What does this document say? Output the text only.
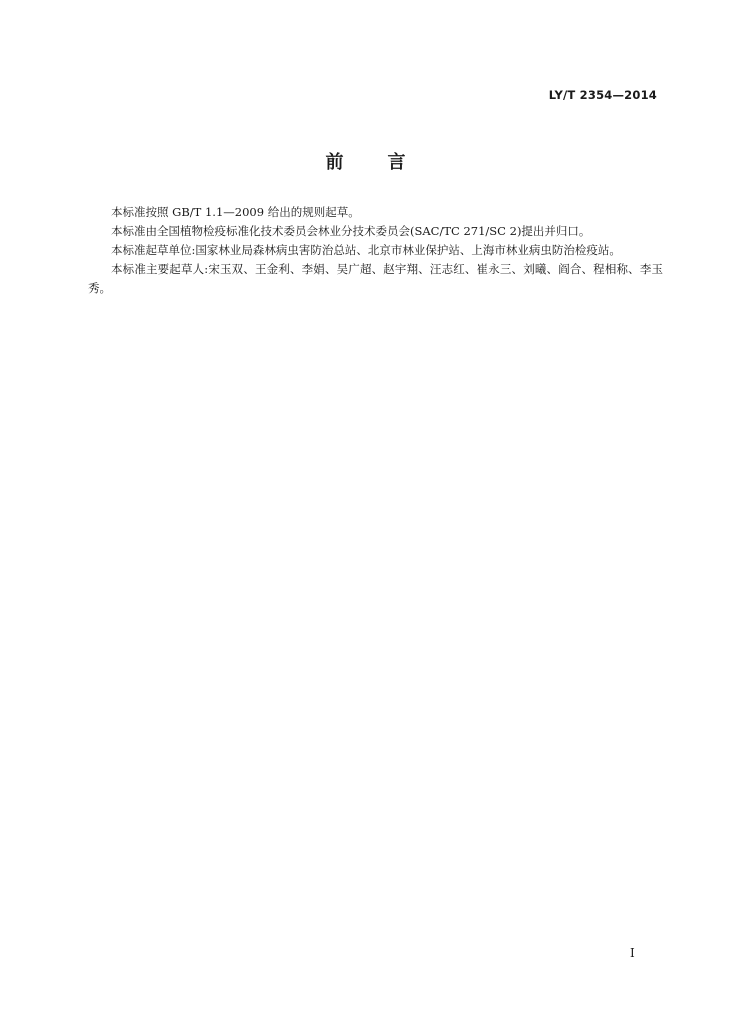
LY/T 2354—2014
前言

本标准按照 GB/T 1.1—2009 给出的规则起草。

本标准由全国植物检疫标准化技术委员会林业分技术委员会(SAC/TC 271/SC 2)提出并归口。

本标准起草单位:国家林业局森林病虫害防治总站、北京市林业保护站、上海市林业病虫防治检疫站。

本标准主要起草人:宋玉双、王金利、李娟、吴广超、赵宇翔、汪志红、崔永三、刘曦、阎合、程相称、李玉秀。

I
